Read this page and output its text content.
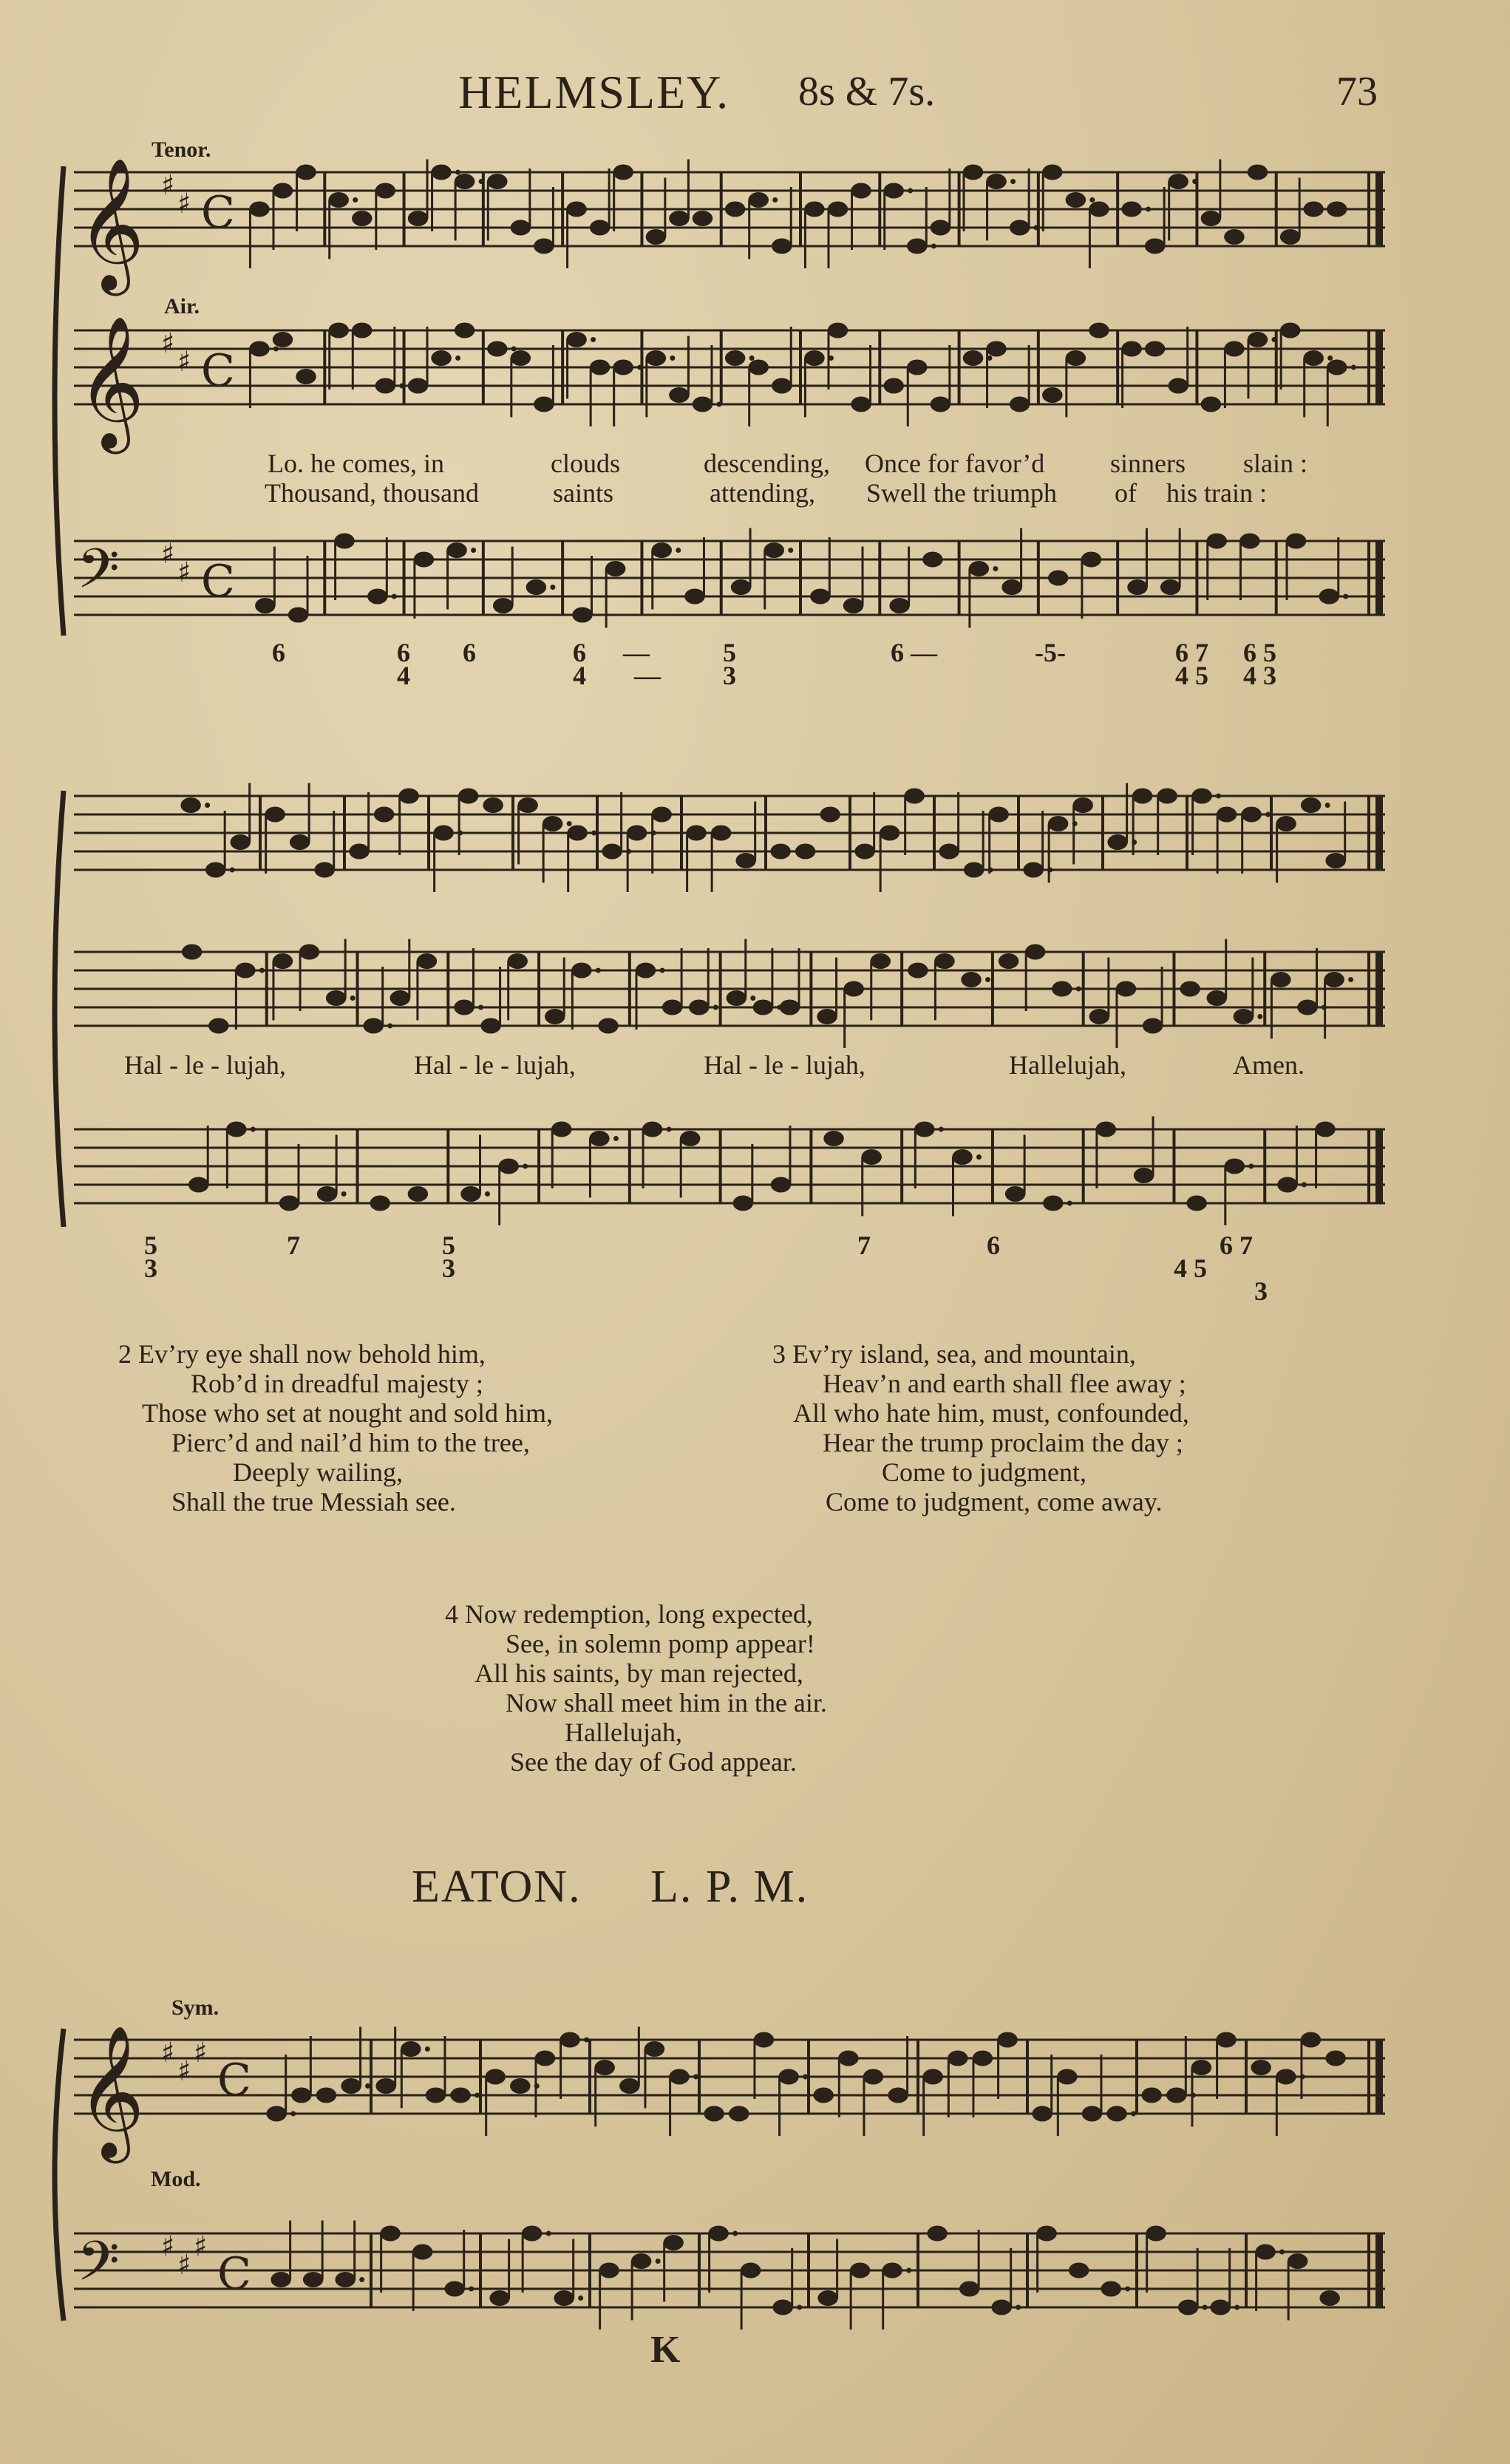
HELMSLEY. 8s & 7s.	73
Tenor.
Air.
𝄞 ♯
♯ C
𝄞 ♯
♯ C
𝄢 ♯
♯ C
𝄞 ♯
♯
♯
C
𝄢 ♯
♯
♯
C
Lo. he comes, in	clouds	descending, Once for favor’d sinners slain :
Thousand, thousand	saints	attending, Swell the triumph of his train :
6	6 6	6 —	5	6 —	-5-	6 7 6 5
4	4 — 3	4 5 4 3
Hal - le - lujah,	Hal - le - lujah,	Hal - le - lujah,	Hallelujah,	Amen.
5	7	5	7	6	6 7
3	3	4 5
3
2 Ev’ry eye shall now behold him,
Rob’d in dreadful majesty ;
Those who set at nought and sold him,
Pierc’d and nail’d him to the tree,
Deeply wailing,
Shall the true Messiah see.
3 Ev’ry island, sea, and mountain,
Heav’n and earth shall flee away ;
All who hate him, must, confounded,
Hear the trump proclaim the day ;
Come to judgment,
Come to judgment, come away.
4 Now redemption, long expected,
See, in solemn pomp appear!
All his saints, by man rejected,
Now shall meet him in the air.
Hallelujah,
See the day of God appear.
EATON. L. P. M.
Sym.
Mod.
K
